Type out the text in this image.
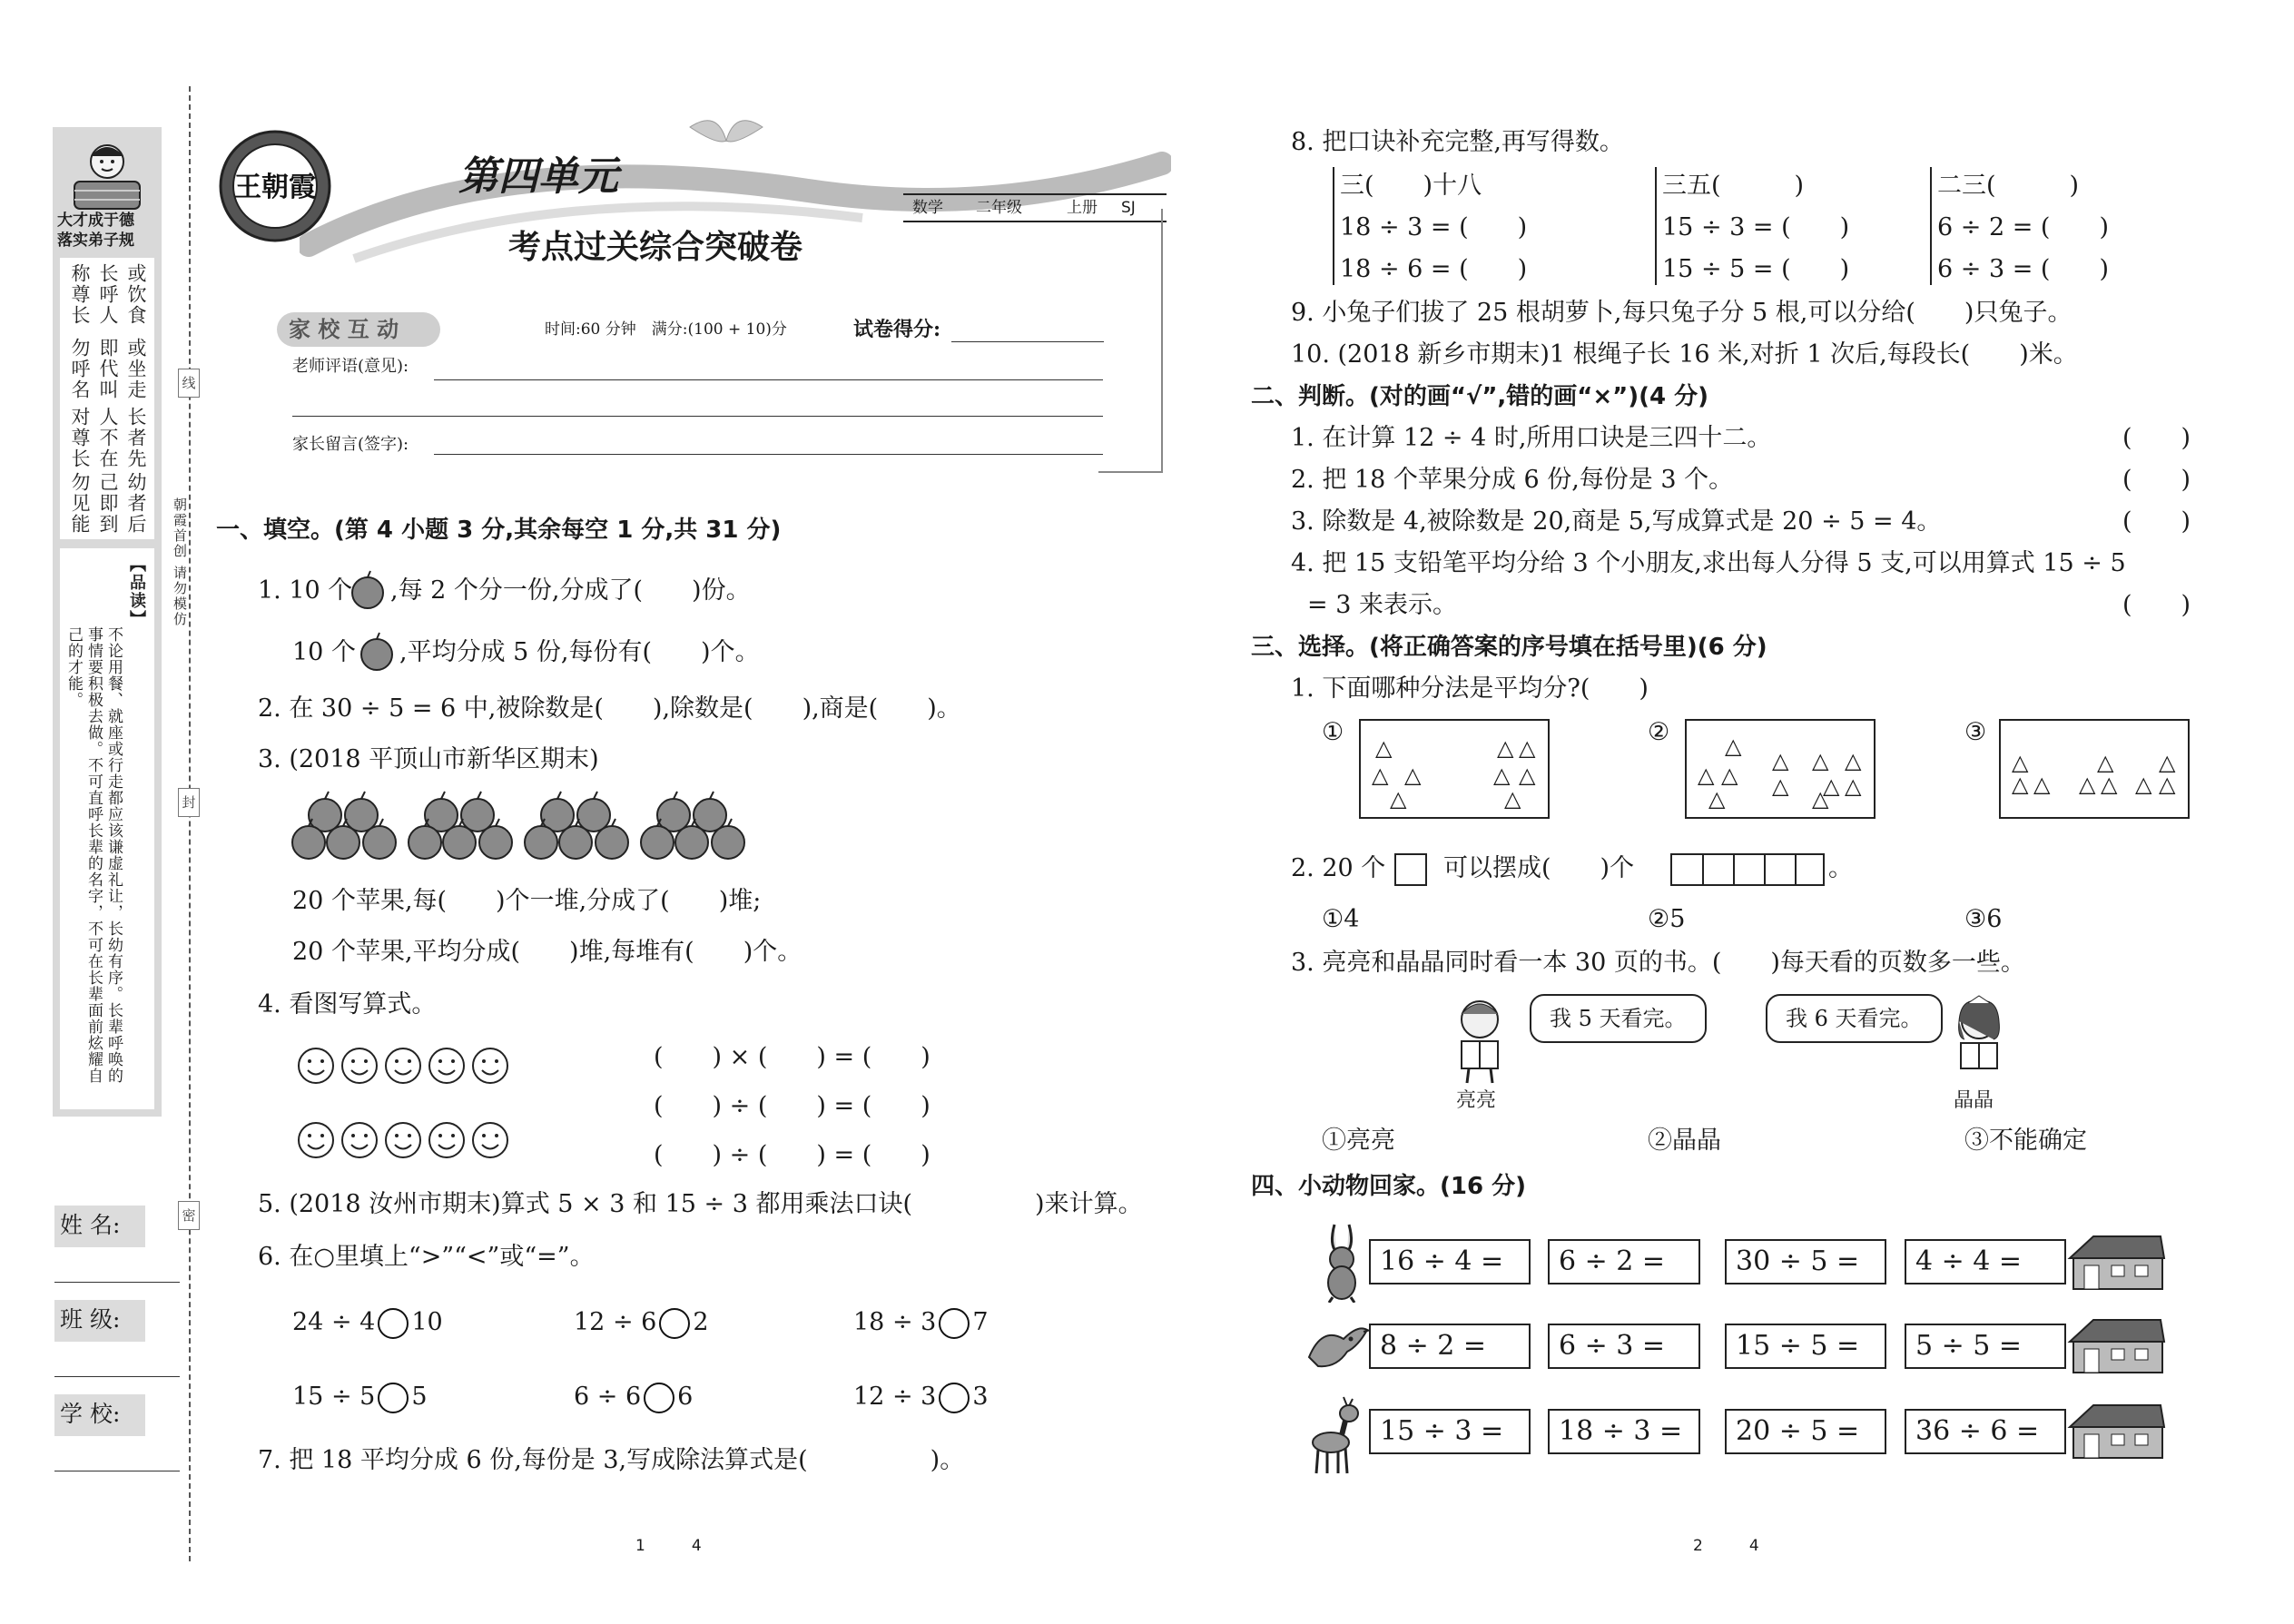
大才成于德
落实弟子规
或饮食
或坐走
长者先
幼者后
称尊长
勿呼名
对尊长
勿见能
长呼人
即代叫
人不在
己即到
【品读】
不论用餐、就座或行走都应该谦虚礼让，长幼有序。长辈呼唤的事情要积极去做。不可直呼长辈的名字，不可在长辈面前炫耀自己的才能。
朝霞首创 请勿模仿
线
封
密
姓 名:
班 级:
学 校:
王朝霞	第四单元
考点过关综合突破卷
数学 二年级	上册 SJ
家 校 互 动	时间:60 分钟　满分:(100 + 10)分	试卷得分:
老师评语(意见):
家长留言(签字):
一、填空。(第 4 小题 3 分,其余每空 1 分,共 31 分)
1. 10 个 ,每 2 个分一份,分成了(　　)份。
10 个 ,平均分成 5 份,每份有(　　)个。
2. 在 30 ÷ 5 = 6 中,被除数是(　　),除数是(　　),商是(　　)。
3. (2018 平顶山市新华区期末)
20 个苹果,每(　　)个一堆,分成了(　　)堆;
20 个苹果,平均分成(　　)堆,每堆有(　　)个。
4. 看图写算式。
(　　) × (　　) = (　　)
(　　) ÷ (　　) = (　　)
(　　) ÷ (　　) = (　　)
5. (2018 汝州市期末)算式 5 × 3 和 15 ÷ 3 都用乘法口诀(　　　　　)来计算。
6. 在○里填上“>”“<”或“=”。
24 ÷ 4 10	12 ÷ 6 2	18 ÷ 3 7
15 ÷ 5 5	6 ÷ 6 6	12 ÷ 3 3
7. 把 18 平均分成 6 份,每份是 3,写成除法算式是(　　　　　)。
1　　　4
8. 把口诀补充完整,再写得数。
三(　　)十八
18 ÷ 3 = (　　)
18 ÷ 6 = (　　)
三五(　　　)
15 ÷ 3 = (　　)
15 ÷ 5 = (　　)
二三(　　　)
6 ÷ 2 = (　　)
6 ÷ 3 = (　　)
9. 小兔子们拔了 25 根胡萝卜,每只兔子分 5 根,可以分给(　　)只兔子。
10. (2018 新乡市期末)1 根绳子长 16 米,对折 1 次后,每段长(　　)米。
二、判断。(对的画“√”,错的画“×”)(4 分)
1. 在计算 12 ÷ 4 时,所用口诀是三四十二。	(　　)
2. 把 18 个苹果分成 6 份,每份是 3 个。	(　　)
3. 除数是 4,被除数是 20,商是 5,写成算式是 20 ÷ 5 = 4。	(　　)
4. 把 15 支铅笔平均分给 3 个小朋友,求出每人分得 5 支,可以用算式 15 ÷ 5
= 3 来表示。	(　　)
三、选择。(将正确答案的序号填在括号里)(6 分)
1. 下面哪种分法是平均分?(　　)
①	②	③
△
△ △
△
△ △
△ △
△
△
△ △
△
△
△
△
△ △
△
△
△
△ △
△
△ △
△
△ △
2. 20 个 可以摆成(　　)个	。
①4	②5	③6
3. 亮亮和晶晶同时看一本 30 页的书。(　　)每天看的页数多一些。
我 5 天看完。
亮亮
我 6 天看完。
晶晶
①亮亮	②晶晶	③不能确定
四、小动物回家。(16 分)
16 ÷ 4 =	6 ÷ 2 =	30 ÷ 5 =	4 ÷ 4 =
8 ÷ 2 =	6 ÷ 3 =	15 ÷ 5 =	5 ÷ 5 =
15 ÷ 3 =	18 ÷ 3 =	20 ÷ 5 =	36 ÷ 6 =
2　　　4
